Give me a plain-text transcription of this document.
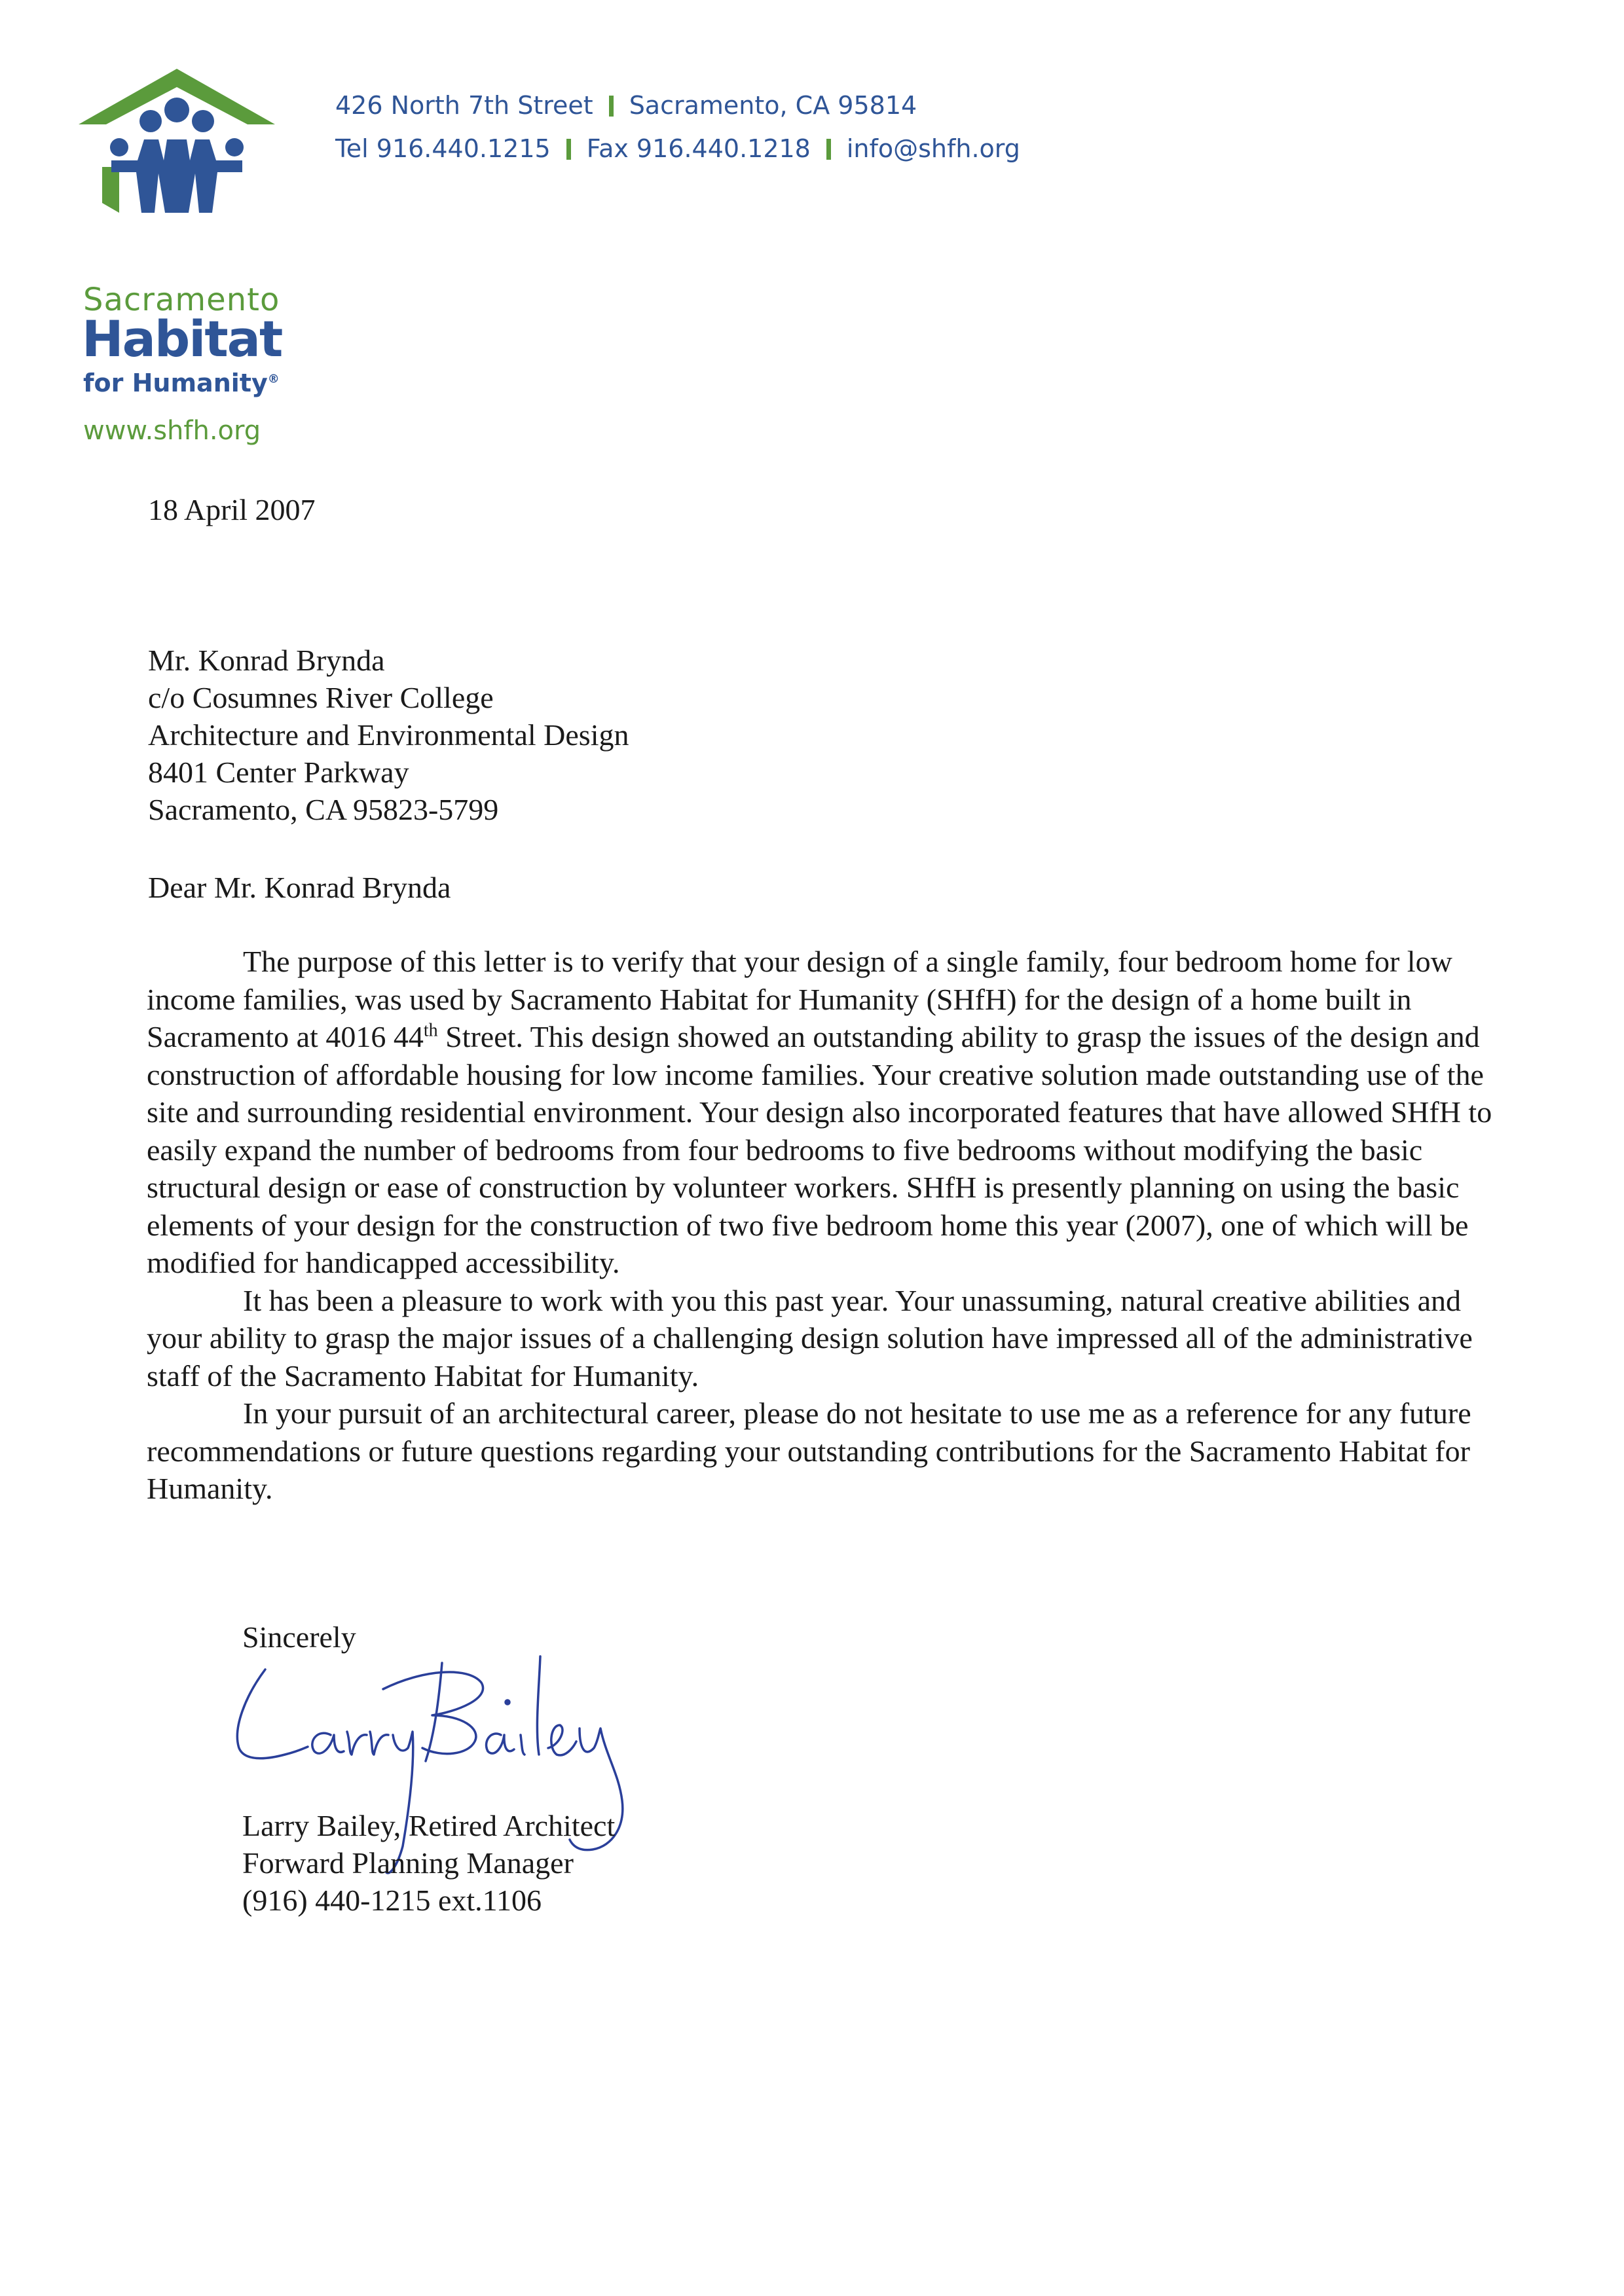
Sacramento
Habitat
for Humanity®
www.shfh.org
426 North 7th Street Sacramento, CA 95814
Tel 916.440.1215 Fax 916.440.1218 info@shfh.org
18 April 2007
Mr. Konrad Brynda
c/o Cosumnes River College
Architecture and Environmental Design
8401 Center Parkway
Sacramento, CA 95823-5799
Dear Mr. Konrad Brynda

The purpose of this letter is to verify that your design of a single family, four bedroom home for low income families, was used by Sacramento Habitat for Humanity (SHfH) for the design of a home built in Sacramento at 4016 44th Street. This design showed an outstanding ability to grasp the issues of the design and construction of affordable housing for low income families. Your creative solution made outstanding use of the site and surrounding residential environment. Your design also incorporated features that have allowed SHfH to easily expand the number of bedrooms from four bedrooms to five bedrooms without modifying the basic structural design or ease of construction by volunteer workers. SHfH is presently planning on using the basic elements of your design for the construction of two five bedroom home this year (2007), one of which will be modified for handicapped accessibility.

It has been a pleasure to work with you this past year. Your unassuming, natural creative abilities and your ability to grasp the major issues of a challenging design solution have impressed all of the administrative staff of the Sacramento Habitat for Humanity.

In your pursuit of an architectural career, please do not hesitate to use me as a reference for any future recommendations or future questions regarding your outstanding contributions for the Sacramento Habitat for Humanity.

Sincerely
Larry Bailey, Retired Architect
Forward Planning Manager
(916) 440-1215 ext.1106
